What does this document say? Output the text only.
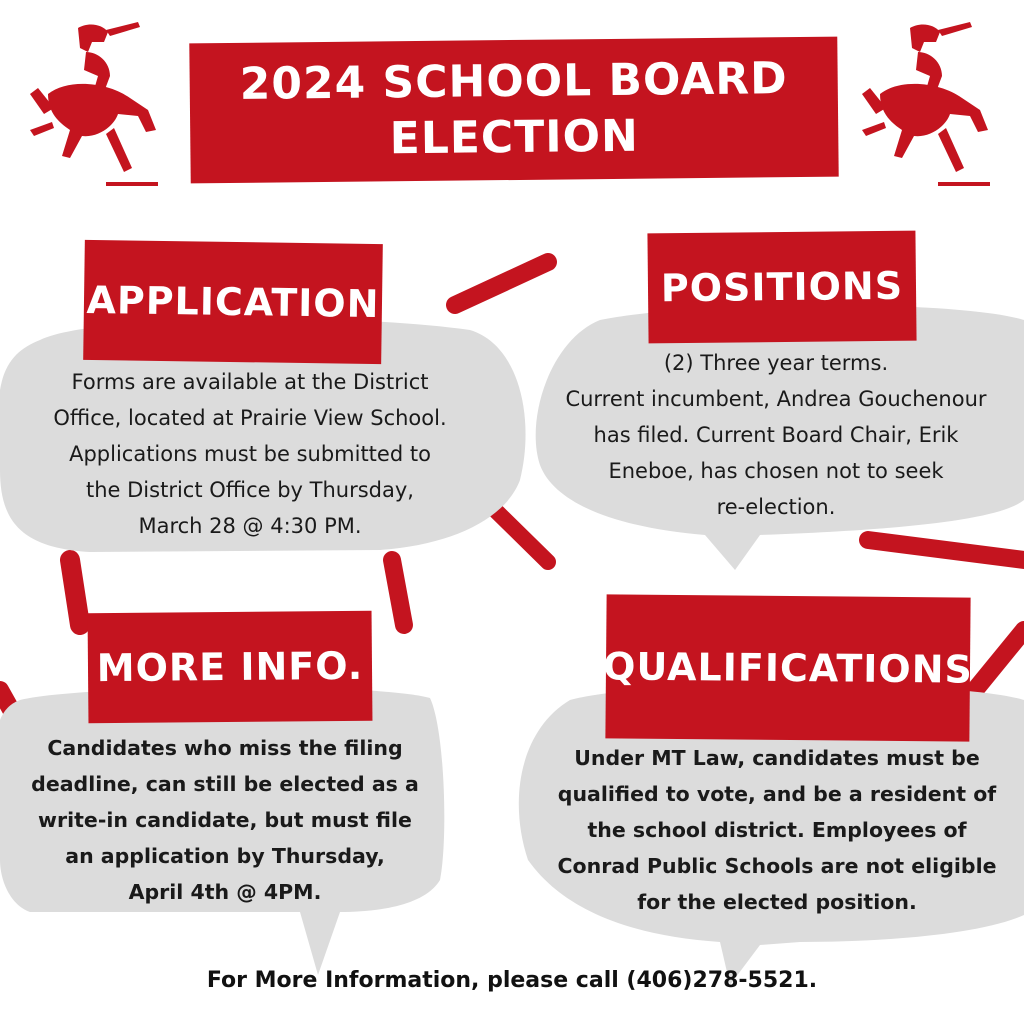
2024 SCHOOL BOARD
ELECTION
APPLICATION
Forms are available at the District
Office, located at Prairie View School.
Applications must be submitted to
the District Office by Thursday,
March 28 @ 4:30 PM.
POSITIONS
(2) Three year terms.
Current incumbent, Andrea Gouchenour
has filed. Current Board Chair, Erik
Eneboe, has chosen not to seek
re-election.
MORE INFO.
Candidates who miss the filing
deadline, can still be elected as a
write-in candidate, but must file
an application by Thursday,
April 4th @ 4PM.
QUALIFICATIONS
Under MT Law, candidates must be
qualified to vote, and be a resident of
the school district. Employees of
Conrad Public Schools are not eligible
for the elected position.
For More Information, please call (406)278-5521.
